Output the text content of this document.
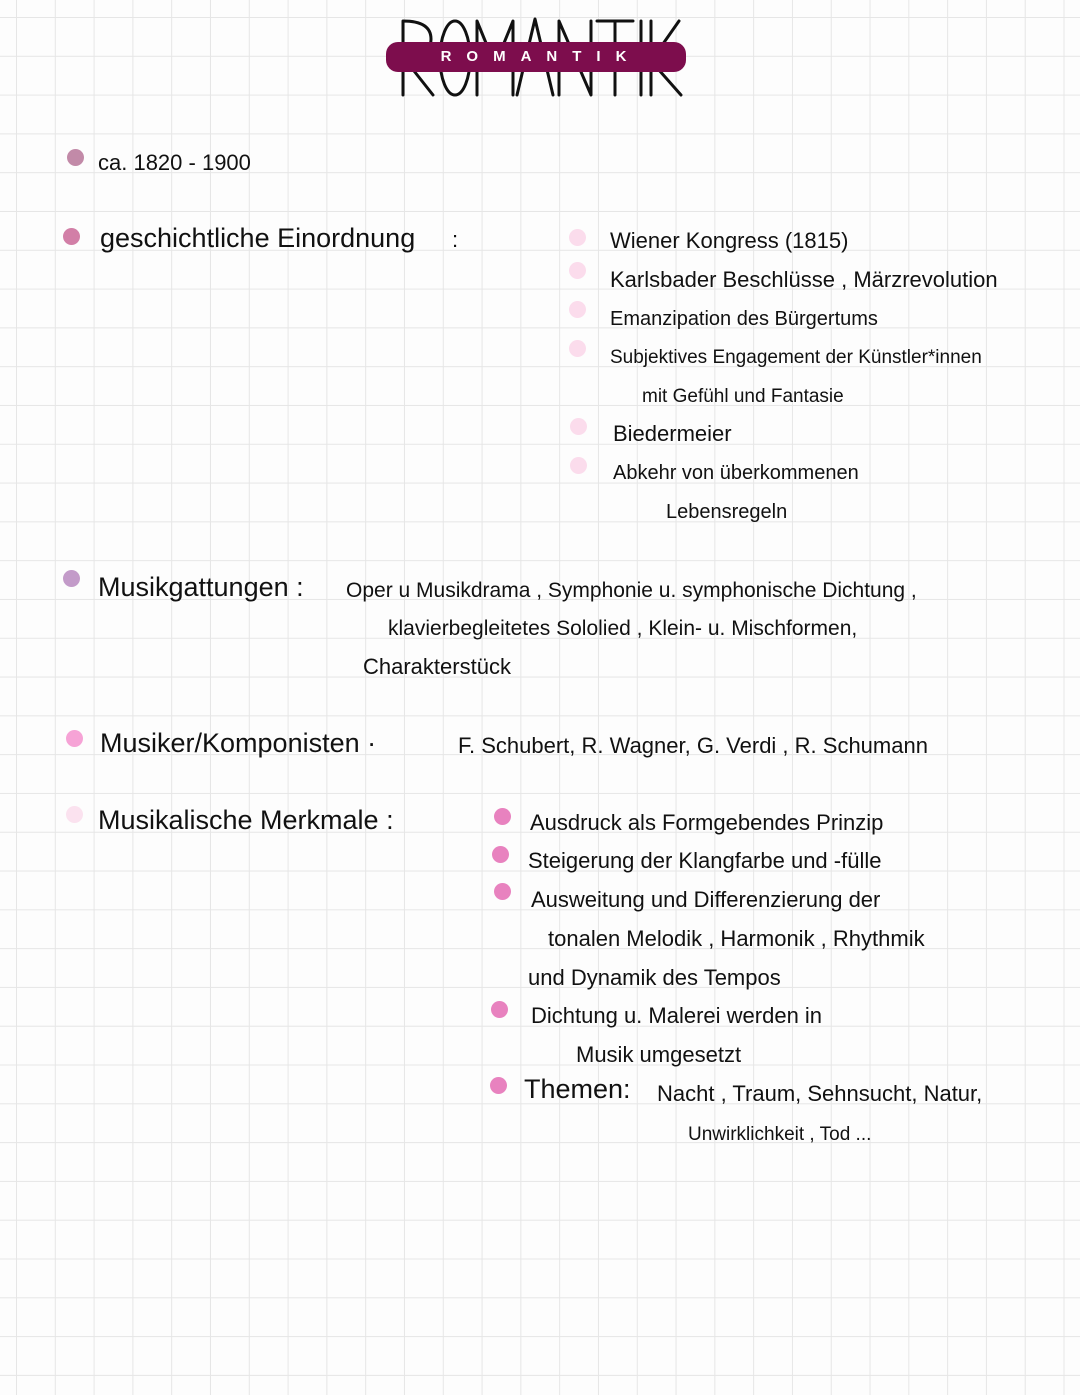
ROMANTIK
ca. 1820 - 1900
geschichtliche Einordnung :	Wiener Kongress (1815)
Karlsbader Beschlüsse , Märzrevolution
Emanzipation des Bürgertums
Subjektives Engagement der Künstler*innen
mit Gefühl und Fantasie
Biedermeier
Abkehr von überkommenen
Lebensregeln
Musikgattungen : Oper u Musikdrama , Symphonie u. symphonische Dichtung ,
klavierbegleitetes Sololied , Klein- u. Mischformen,
Charakterstück
Musiker/Komponisten ·	F. Schubert, R. Wagner, G. Verdi , R. Schumann
Musikalische Merkmale :	Ausdruck als Formgebendes Prinzip
Steigerung der Klangfarbe und -fülle
Ausweitung und Differenzierung der
tonalen Melodik , Harmonik , Rhythmik
und Dynamik des Tempos
Dichtung u. Malerei werden in
Musik umgesetzt
Themen: Nacht , Traum, Sehnsucht, Natur,
Unwirklichkeit , Tod ...
